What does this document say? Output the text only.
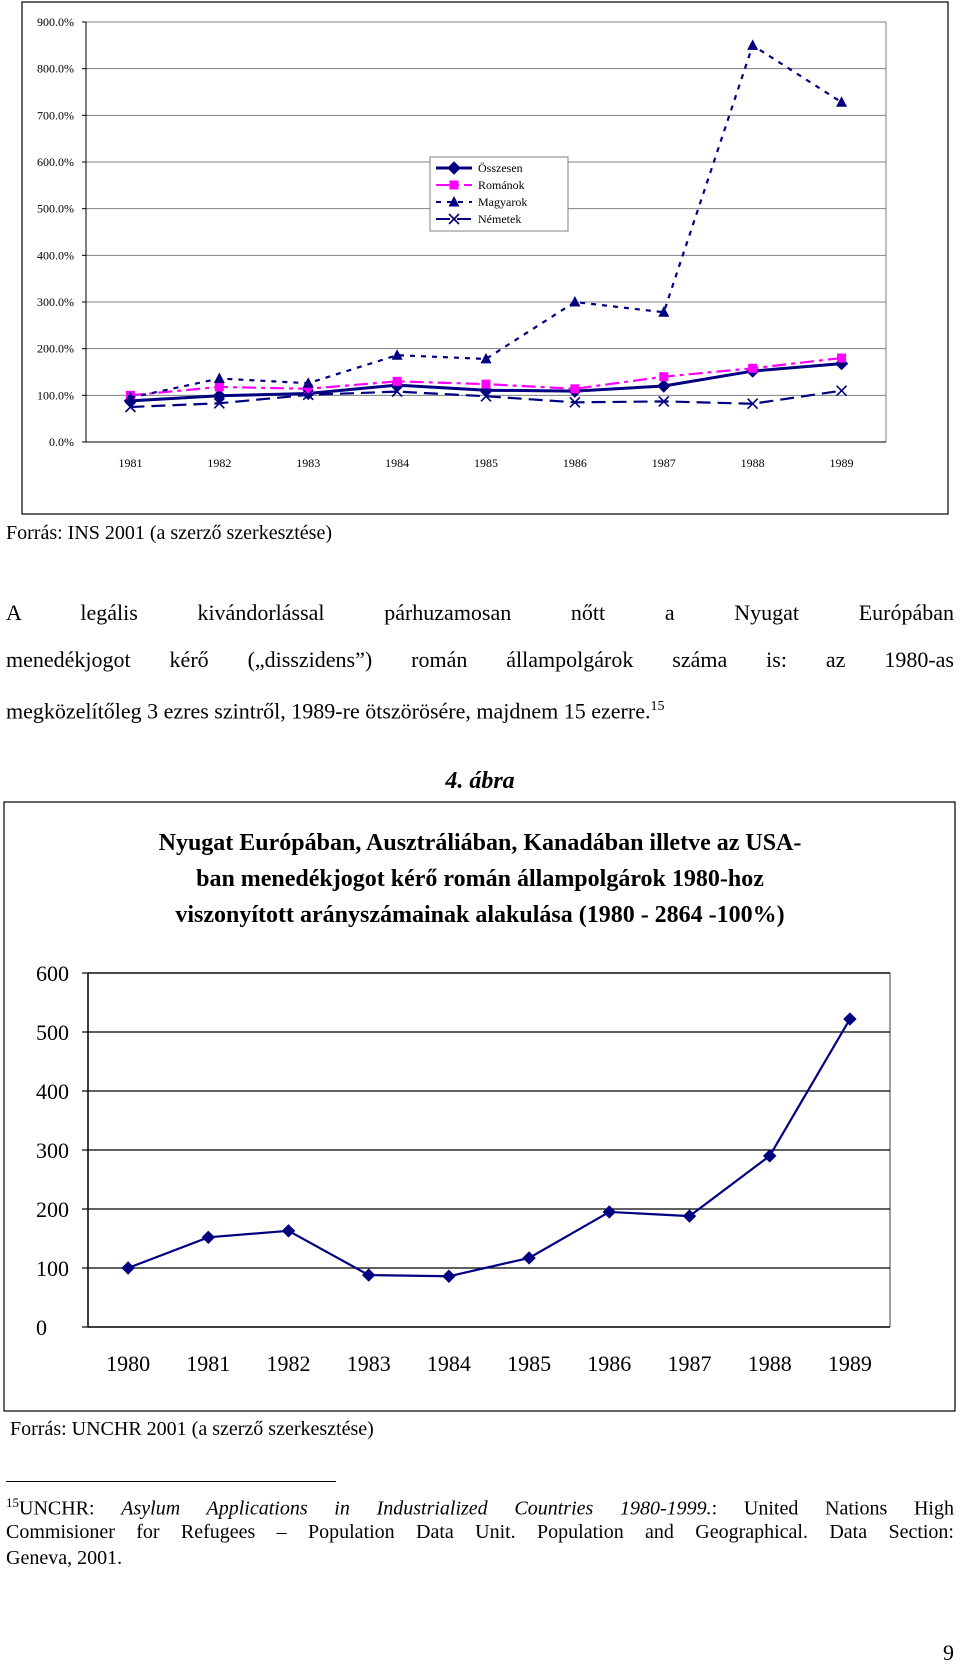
0.0%
100.0%
200.0%
300.0%
400.0%
500.0%
600.0%
700.0%
800.0%
900.0%
1981	1982	1983	1984	1985	1986	1987	1988	1989
Összesen
Románok
Magyarok
Németek
Forrás: INS 2001 (a szerző szerkesztése)
A legális kivándorlással párhuzamosan nőtt a Nyugat Európában
menedékjogot kérő („disszidens”) román állampolgárok száma is: az 1980-as
megközelítőleg 3 ezres szintről, 1989-re ötszörösére, majdnem 15 ezerre.$^{15}$
4. ábra
Nyugat Európában, Ausztráliában, Kanadában illetve az USA-
ban menedékjogot kérő román állampolgárok 1980-hoz
viszonyított arányszámainak alakulása (1980 - 2864 -100%)
0
100
200
300
400
500
600
1980 1981 1982 1983 1984 1985 1986 1987 1988 1989
Forrás: UNCHR 2001 (a szerző szerkesztése)
$^{15}$UNCHR: Asylum Applications in Industrialized Countries 1980-1999.: United Nations High
Commisioner for Refugees – Population Data Unit. Population and Geographical. Data Section:
Geneva, 2001.
9
